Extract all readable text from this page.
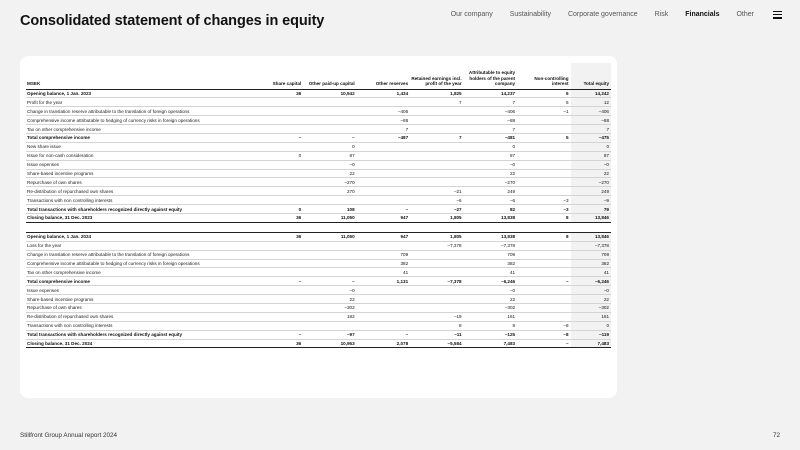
Consolidated statement of changes in equity	Our company Sustainability Corporate governance Risk Financials Other
MSEK	Share capital	Other paid-up capital	Other reserves	Retained earnings incl. profit of the year	Attributable to equity holders of the parent company	Non-controlling interest	Total equity
Opening balance, 1 Jan. 2023	36	10,942	1,434	1,825	14,237	6	14,242
Profit for the year				7	7	6	12
Change in translation reserve attributable to the translation of foreign operations			–406		–406	–1	–406
Comprehensive income attributable to hedging of currency risks in foreign operations			–88		–88		–88
Tax on other comprehensive income			7		7		7
Total comprehensive income	–	–	–487	7	–481	5	–475
New share issue		0			0		0
Issue for non-cash consideration	0	87			87		87
Issue expenses		–0			–0		–0
Share-based incentive programs		22			22		22
Repurchase of own shares		–270			–270		–270
Re-distribution of repurchased own shares		270		–21	249		249
Transactions with non controlling interests				–6	–6	–3	–9
Total transactions with shareholders recognized directly against equity	0	108	–	–27	82	–3	79
Closing balance, 31 Dec. 2023	36	11,050	947	1,805	13,838	8	13,846

Opening balance, 1 Jan. 2024	36	11,050	947	1,805	13,838	8	13,846
Loss for the year				–7,378	–7,378		–7,378
Change in translation reserve attributable to the translation of foreign operations			709		709		709
Comprehensive income attributable to hedging of currency risks in foreign operations			382		382		382
Tax on other comprehensive income			41		41		41
Total comprehensive income	–	–	1,131	–7,378	–6,246	–	–6,246
Issue expenses		–0			–0		–0
Share-based incentive programs		22			22		22
Repurchase of own shares		–302			–302		–302
Re-distribution of repurchased own shares		182		–19	161		161
Transactions with non controlling interests				8	8	–8	0
Total transactions with shareholders recognized directly against equity	–	–97	–	–11	–125	–8	–119
Closing balance, 31 Dec. 2024	36	10,953	2,078	–5,584	7,483	–	7,483
Stillfront Group Annual report 2024	72
